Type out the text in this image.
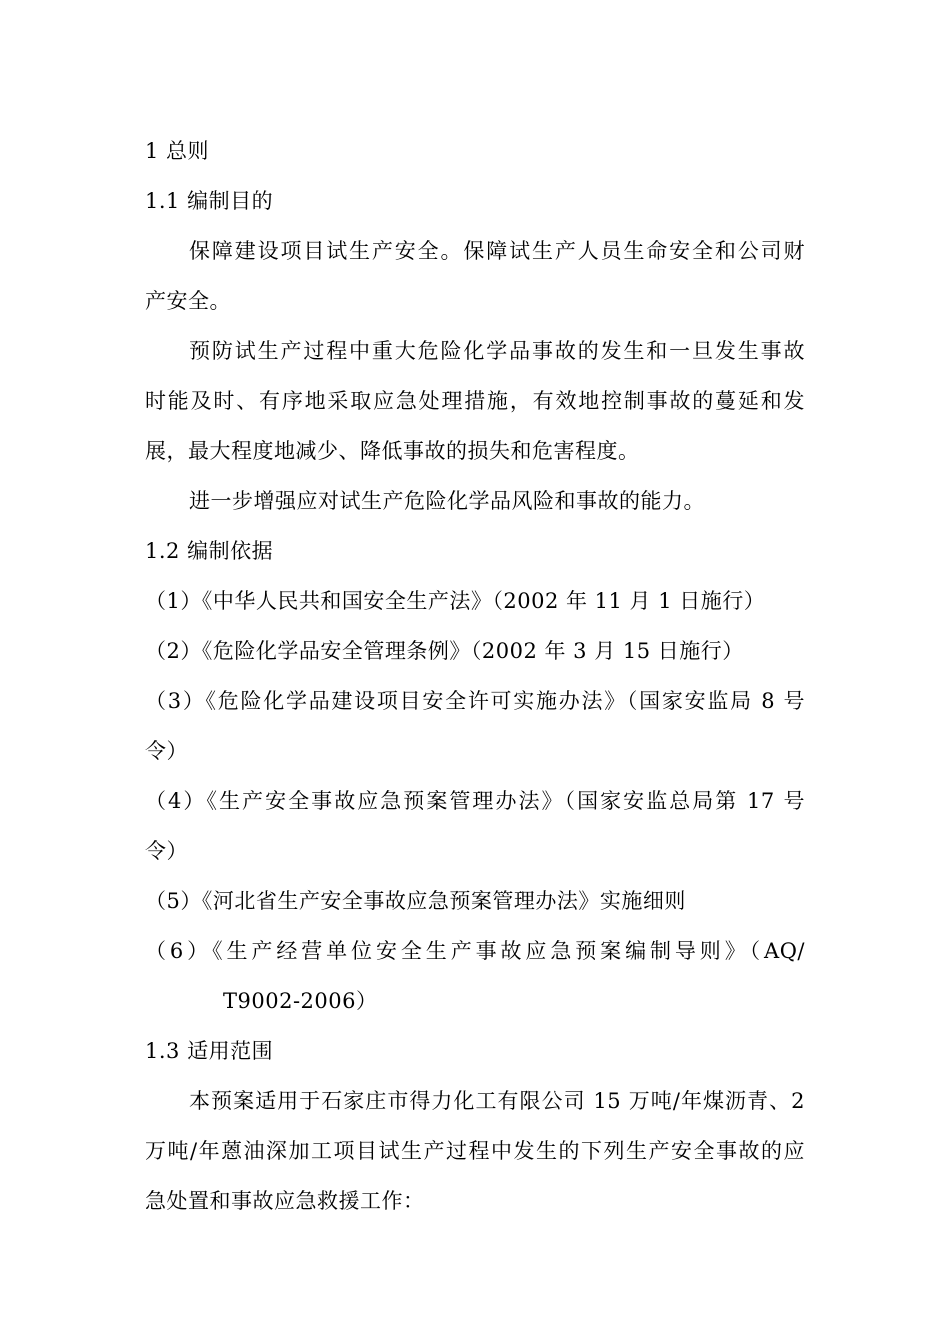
1 总则
1.1 编制目的
保障建设项目试生产安全。保障试生产人员生命安全和公司财
产安全。
预防试生产过程中重大危险化学品事故的发生和一旦发生事故
时能及时、有序地采取应急处理措施，有效地控制事故的蔓延和发
展，最大程度地减少、降低事故的损失和危害程度。
进一步增强应对试生产危险化学品风险和事故的能力。
1.2 编制依据
（1）《中华人民共和国安全生产法》（2002 年 11 月 1 日施行）
（2）《危险化学品安全管理条例》（2002 年 3 月 15 日施行）
（3）《危险化学品建设项目安全许可实施办法》（国家安监局 8 号
令）
（4）《生产安全事故应急预案管理办法》（国家安监总局第 17 号
令）
（5）《河北省生产安全事故应急预案管理办法》实施细则
（6）《生产经营单位安全生产事故应急预案编制导则》（AQ/
T9002-2006）
1.3 适用范围
本预案适用于石家庄市得力化工有限公司 15 万吨/年煤沥青、2
万吨/年蒽油深加工项目试生产过程中发生的下列生产安全事故的应
急处置和事故应急救援工作：
